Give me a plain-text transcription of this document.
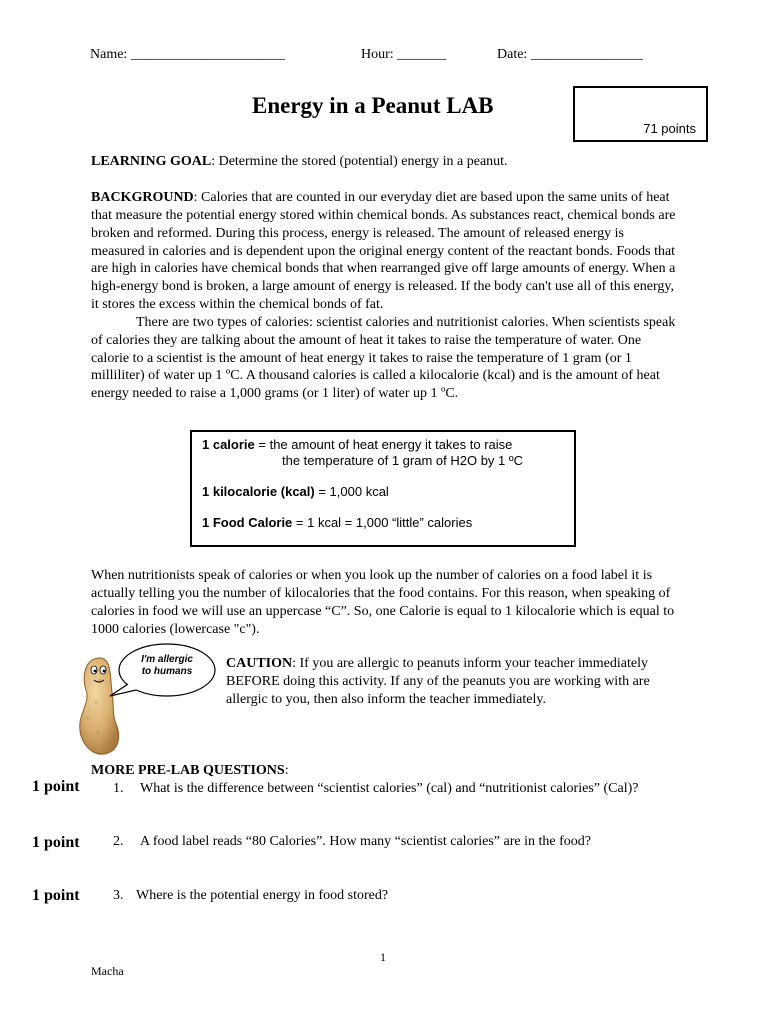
Name: ______________________	Hour: _______	Date: ________________
Energy in a Peanut LAB
71 points
LEARNING GOAL: Determine the stored (potential) energy in a peanut.
BACKGROUND: Calories that are counted in our everyday diet are based upon the same units of heat that measure the potential energy stored within chemical bonds. As substances react, chemical bonds are broken and reformed. During this process, energy is released. The amount of released energy is measured in calories and is dependent upon the original energy content of the reactant bonds. Foods that are high in calories have chemical bonds that when rearranged give off large amounts of energy. When a high-energy bond is broken, a large amount of energy is released. If the body can't use all of this energy, it stores the excess within the chemical bonds of fat.
There are two types of calories: scientist calories and nutritionist calories. When scientists speak of calories they are talking about the amount of heat it takes to raise the temperature of water. One calorie to a scientist is the amount of heat energy it takes to raise the temperature of 1 gram (or 1 milliliter) of water up 1 ºC. A thousand calories is called a kilocalorie (kcal) and is the amount of heat energy needed to raise a 1,000 grams (or 1 liter) of water up 1 ºC.
1 calorie = the amount of heat energy it takes to raise
the temperature of 1 gram of H2O by 1 ºC
1 kilocalorie (kcal) = 1,000 kcal
1 Food Calorie = 1 kcal = 1,000 “little” calories
When nutritionists speak of calories or when you look up the number of calories on a food label it is actually telling you the number of kilocalories that the food contains. For this reason, when speaking of calories in food we will use an uppercase “C”. So, one Calorie is equal to 1 kilocalorie which is equal to 1000 calories (lowercase "c").
I'm allergic
to humans
CAUTION: If you are allergic to peanuts inform your teacher immediately BEFORE doing this activity. If any of the peanuts you are working with are allergic to you, then also inform the teacher immediately.
MORE PRE-LAB QUESTIONS:
1 point 1. What is the difference between “scientist calories” (cal) and “nutritionist calories” (Cal)?
1 point 2. A food label reads “80 Calories”. How many “scientist calories” are in the food?
1 point 3. Where is the potential energy in food stored?
1
Macha
